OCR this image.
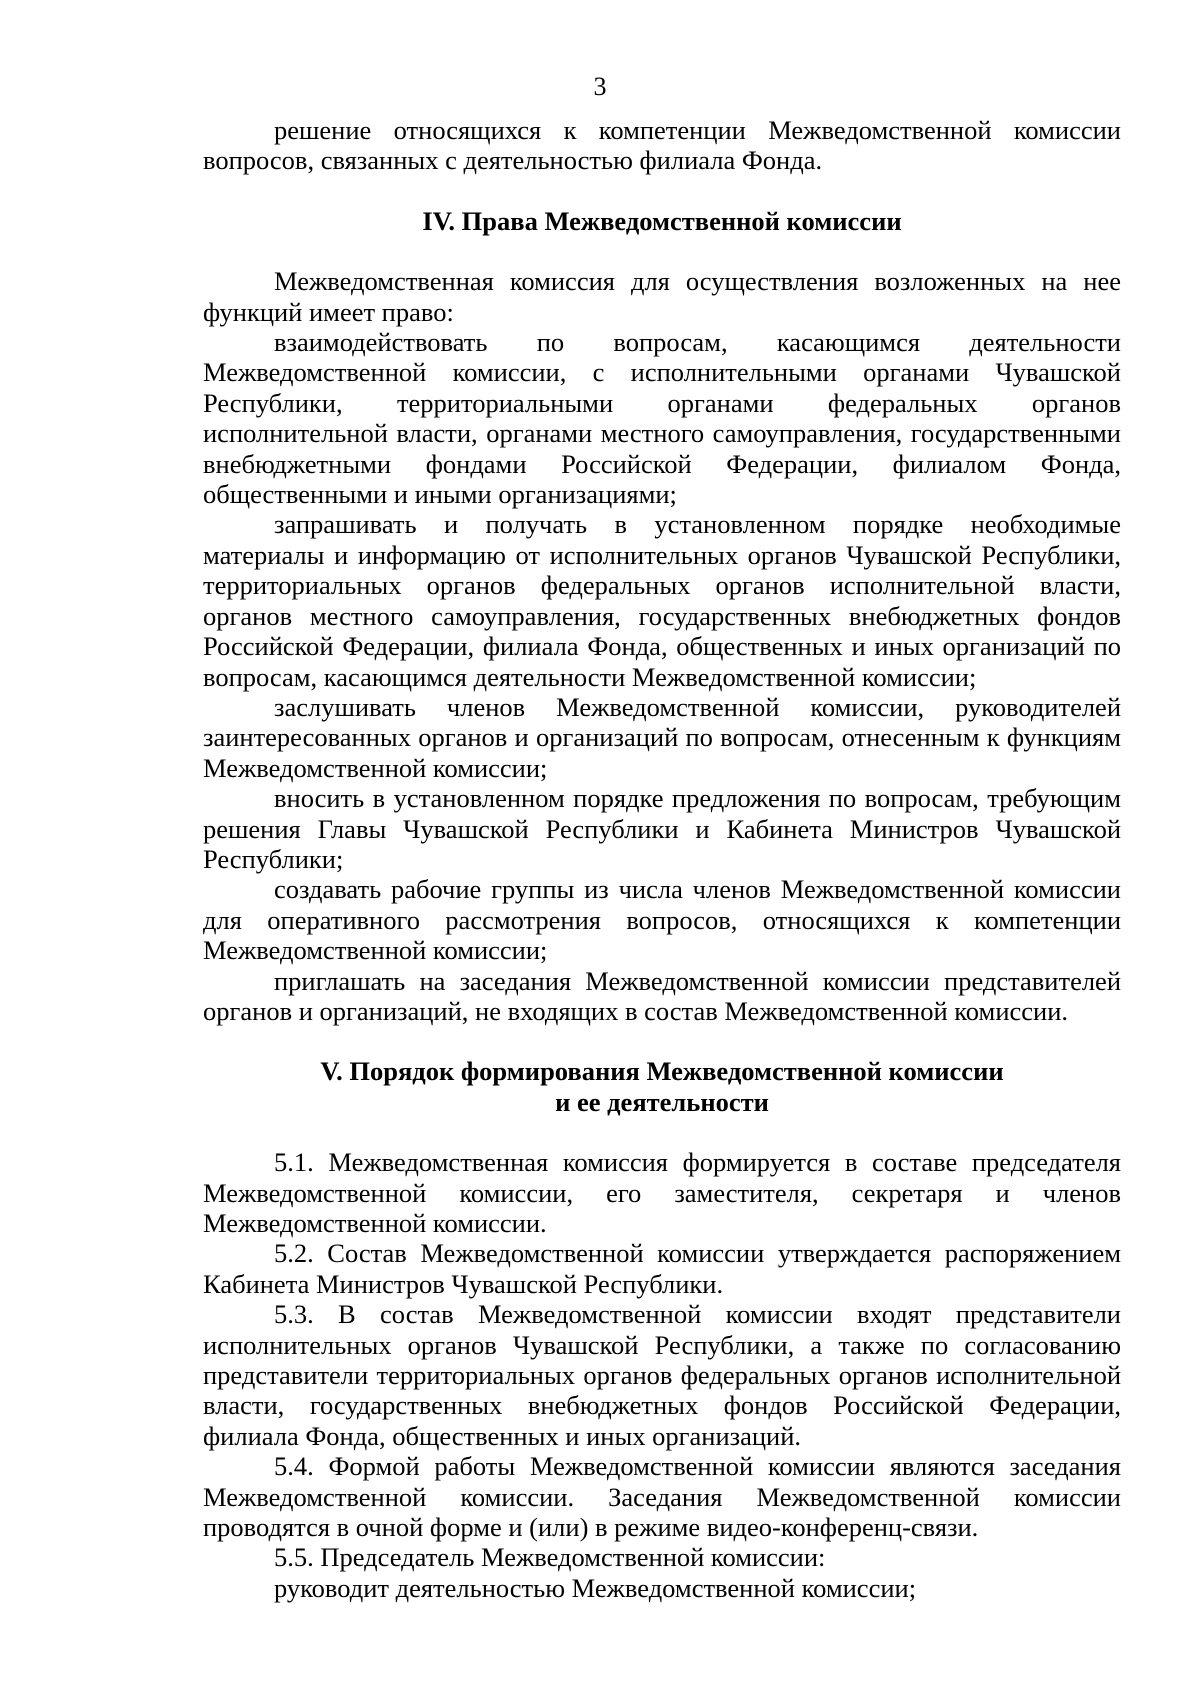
3

решение относящихся к компетенции Межведомственной комиссии вопросов, связанных с деятельностью филиала Фонда.

IV. Права Межведомственной комиссии

Межведомственная комиссия для осуществления возложенных на нее функций имеет право:

взаимодействовать по вопросам, касающимся деятельности Межведомственной комиссии, с исполнительными органами Чувашской Республики, территориальными органами федеральных органов исполнительной власти, органами местного самоуправления, государственными внебюджетными фондами Российской Федерации, филиалом Фонда, общественными и иными организациями;

запрашивать и получать в установленном порядке необходимые материалы и информацию от исполнительных органов Чувашской Республики, территориальных органов федеральных органов исполнительной власти, органов местного самоуправления, государственных внебюджетных фондов Российской Федерации, филиала Фонда, общественных и иных организаций по вопросам, касающимся деятельности Межведомственной комиссии;

заслушивать членов Межведомственной комиссии, руководителей заинтересованных органов и организаций по вопросам, отнесенным к функциям Межведомственной комиссии;

вносить в установленном порядке предложения по вопросам, требующим решения Главы Чувашской Республики и Кабинета Министров Чувашской Республики;

создавать рабочие группы из числа членов Межведомственной комиссии для оперативного рассмотрения вопросов, относящихся к компетенции Межведомственной комиссии;

приглашать на заседания Межведомственной комиссии представителей органов и организаций, не входящих в состав Межведомственной комиссии.

V. Порядок формирования Межведомственной комиссии
и ее деятельности

5.1. Межведомственная комиссия формируется в составе председателя Межведомственной комиссии, его заместителя, секретаря и членов Межведомственной комиссии.

5.2. Состав Межведомственной комиссии утверждается распоряжением Кабинета Министров Чувашской Республики.

5.3. В состав Межведомственной комиссии входят представители исполнительных органов Чувашской Республики, а также по согласованию представители территориальных органов федеральных органов исполнительной власти, государственных внебюджетных фондов Российской Федерации, филиала Фонда, общественных и иных организаций.

5.4. Формой работы Межведомственной комиссии являются заседания Межведомственной комиссии. Заседания Межведомственной комиссии проводятся в очной форме и (или) в режиме видео-конференц-связи.

5.5. Председатель Межведомственной комиссии:

руководит деятельностью Межведомственной комиссии;
